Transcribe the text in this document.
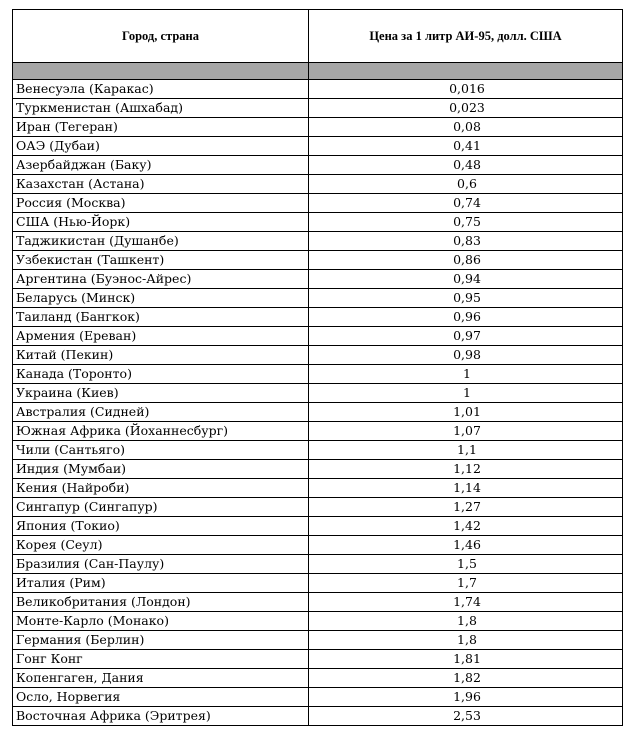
Город, страна	Цена за 1 литр АИ-95, долл. США

Венесуэла (Каракас)	0,016
Туркменистан (Ашхабад)	0,023
Иран (Тегеран)	0,08
ОАЭ (Дубаи)	0,41
Азербайджан (Баку)	0,48
Казахстан (Астана)	0,6
Россия (Москва)	0,74
США (Нью-Йорк)	0,75
Таджикистан (Душанбе)	0,83
Узбекистан (Ташкент)	0,86
Аргентина (Буэнос-Айрес)	0,94
Беларусь (Минск)	0,95
Таиланд (Бангкок)	0,96
Армения (Ереван)	0,97
Китай (Пекин)	0,98
Канада (Торонто)	1
Украина (Киев)	1
Австралия (Сидней)	1,01
Южная Африка (Йоханнесбург)	1,07
Чили (Сантьяго)	1,1
Индия (Мумбаи)	1,12
Кения (Найроби)	1,14
Сингапур (Сингапур)	1,27
Япония (Токио)	1,42
Корея (Сеул)	1,46
Бразилия (Сан-Паулу)	1,5
Италия (Рим)	1,7
Великобритания (Лондон)	1,74
Монте-Карло (Монако)	1,8
Германия (Берлин)	1,8
Гонг Конг	1,81
Копенгаген, Дания	1,82
Осло, Норвегия	1,96
Восточная Африка (Эритрея)	2,53
